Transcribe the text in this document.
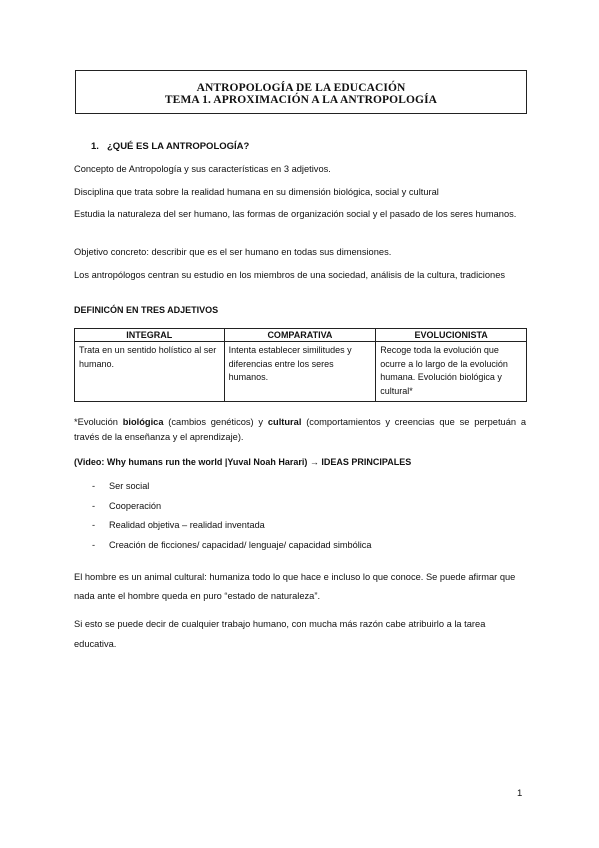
ANTROPOLOGÍA DE LA EDUCACIÓN
TEMA 1. APROXIMACIÓN A LA ANTROPOLOGÍA
1. ¿QUÉ ES LA ANTROPOLOGÍA?

Concepto de Antropología y sus características en 3 adjetivos.

Disciplina que trata sobre la realidad humana en su dimensión biológica, social y cultural

Estudia la naturaleza del ser humano, las formas de organización social y el pasado de los seres humanos.

Objetivo concreto: describir que es el ser humano en todas sus dimensiones.

Los antropólogos centran su estudio en los miembros de una sociedad, análisis de la cultura, tradiciones

DEFINICÓN EN TRES ADJETIVOS
INTEGRAL	COMPARATIVA	EVOLUCIONISTA
Trata en un sentido holístico al ser humano.	Intenta establecer similitudes y diferencias entre los seres humanos.	Recoge toda la evolución que ocurre a lo largo de la evolución humana. Evolución biológica y cultural*

*Evolución biológica (cambios genéticos) y cultural (comportamientos y creencias que se perpetuán a través de la enseñanza y el aprendizaje).

(Video: Why humans run the world |Yuval Noah Harari) → IDEAS PRINCIPALES

- Ser social
- Cooperación
- Realidad objetiva – realidad inventada
- Creación de ficciones/ capacidad/ lenguaje/ capacidad simbólica

El hombre es un animal cultural: humaniza todo lo que hace e incluso lo que conoce. Se puede afirmar que nada ante el hombre queda en puro “estado de naturaleza”.

Si esto se puede decir de cualquier trabajo humano, con mucha más razón cabe atribuirlo a la tarea educativa.

1
